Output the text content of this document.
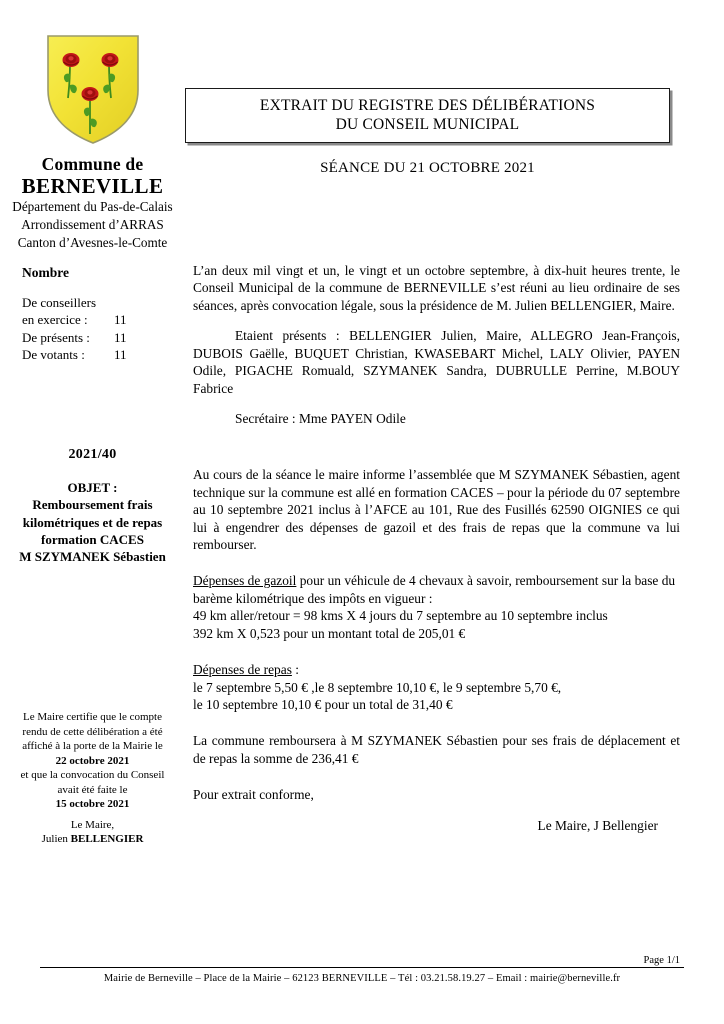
Commune de
BERNEVILLE
Département du Pas-de-Calais
Arrondissement d’ARRAS
Canton d’Avesnes-le-Comte
Nombre
De conseillers
en exercice :	11
De présents :	11
De votants :	11
2021/40
OBJET :
Remboursement frais
kilométriques et de repas
formation CACES
M SZYMANEK Sébastien
Le Maire certifie que le compte
rendu de cette délibération a été
affiché à la porte de la Mairie le
22 octobre 2021
et que la convocation du Conseil
avait été faite le
15 octobre 2021
Le Maire,
Julien BELLENGIER
EXTRAIT DU REGISTRE DES DÉLIBÉRATIONS
DU CONSEIL MUNICIPAL
SÉANCE DU 21 OCTOBRE 2021

L’an deux mil vingt et un, le vingt et un octobre septembre, à dix-huit heures trente, le Conseil Municipal de la commune de BERNEVILLE s’est réuni au lieu ordinaire de ses séances, après convocation légale, sous la présidence de M. Julien BELLENGIER, Maire.

Etaient présents : BELLENGIER Julien, Maire, ALLEGRO Jean-François, DUBOIS Gaëlle, BUQUET Christian, KWASEBART Michel, LALY Olivier, PAYEN Odile, PIGACHE Romuald, SZYMANEK Sandra, DUBRULLE Perrine, M.BOUY Fabrice

Secrétaire : Mme PAYEN Odile

Au cours de la séance le maire informe l’assemblée que M SZYMANEK Sébastien, agent technique sur la commune est allé en formation CACES – pour la période du 07 septembre au 10 septembre 2021 inclus à l’AFCE au 101, Rue des Fusillés 62590 OIGNIES ce qui lui à engendrer des dépenses de gazoil et des frais de repas que la commune va lui rembourser.

Dépenses de gazoil pour un véhicule de 4 chevaux à savoir, remboursement sur la base du barème kilométrique des impôts en vigueur :

49 km aller/retour = 98 kms X 4 jours du 7 septembre au 10 septembre inclus

392 km X 0,523 pour un montant total de 205,01 €

Dépenses de repas :

le 7 septembre 5,50 € ,le 8 septembre 10,10 €, le 9 septembre 5,70 €,

le 10 septembre 10,10 € pour un total de 31,40 €

La commune remboursera à M SZYMANEK Sébastien pour ses frais de déplacement et de repas la somme de 236,41 €

Pour extrait conforme,

Le Maire, J Bellengier

Page 1/1
Mairie de Berneville – Place de la Mairie – 62123 BERNEVILLE – Tél : 03.21.58.19.27 – Email : mairie@berneville.fr
